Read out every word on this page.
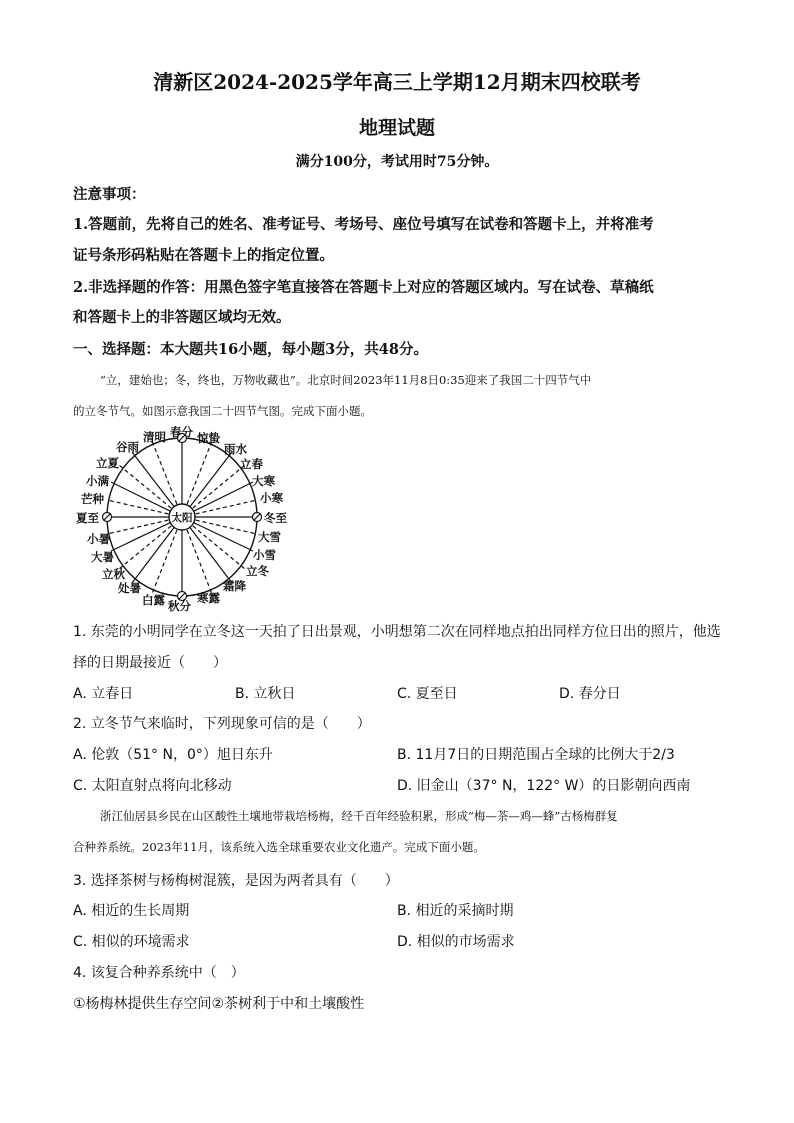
清新区2024-2025学年高三上学期12月期末四校联考
地理试题
满分100分，考试用时75分钟。
注意事项：
1.答题前，先将自己的姓名、准考证号、考场号、座位号填写在试卷和答题卡上，并将准考
证号条形码粘贴在答题卡上的指定位置。
2.非选择题的作答：用黑色签字笔直接答在答题卡上对应的答题区域内。写在试卷、草稿纸
和答题卡上的非答题区域均无效。
一、选择题：本大题共16小题，每小题3分，共48分。
“立，建始也；冬，终也，万物收藏也”。北京时间2023年11月8日0:35迎来了我国二十四节气中
的立冬节气。如图示意我国二十四节气图。完成下面小题。
太阳
春分 惊蛰
雨水
立春
大寒
小寒
冬至
大雪
小雪
立冬
霜降
寒露
秋分
白露
处暑
立秋
大暑
小暑
夏至
芒种
小满
立夏
谷雨
清明
1. 东莞的小明同学在立冬这一天拍了日出景观，小明想第二次在同样地点拍出同样方位日出的照片，他选
择的日期最接近（　　）
A. 立春日	B. 立秋日	C. 夏至日	D. 春分日
2. 立冬节气来临时，下列现象可信的是（　　）
A. 伦敦（51° N，0°）旭日东升	B. 11月7日的日期范围占全球的比例大于2/3
C. 太阳直射点将向北移动	D. 旧金山（37° N，122° W）的日影朝向西南
浙江仙居县乡民在山区酸性土壤地带栽培杨梅，经千百年经验积累，形成“梅—茶—鸡—蜂”古杨梅群复
合种养系统。2023年11月，该系统入选全球重要农业文化遗产。完成下面小题。
3. 选择茶树与杨梅树混簇，是因为两者具有（　　）
A. 相近的生长周期	B. 相近的采摘时期
C. 相似的环境需求	D. 相似的市场需求
4. 该复合种养系统中（　）
①杨梅林提供生存空间②茶树利于中和土壤酸性
